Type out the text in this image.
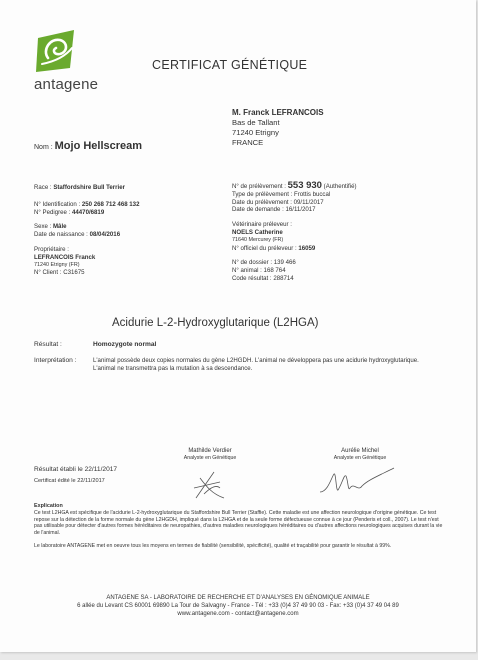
antagene
CERTIFICAT GÉNÉTIQUE
M. Franck LEFRANCOIS
Bas de Tallant
71240 Etrigny
FRANCE
Nom : Mojo Hellscream
Race : Staffordshire Bull Terrier
N° Identification : 250 268 712 468 132
N° Pedigree : 44470/6819
Sexe : Mâle
Date de naissance : 08/04/2016
Propriétaire :
LEFRANCOIS Franck
71240 Etrigny (FR)
N° Client : C31675
N° de prélèvement : 553 930 (Authentifié)
Type de prélèvement : Frottis buccal
Date du prélèvement : 09/11/2017
Date de demande : 16/11/2017
Vétérinaire préleveur :
NOELS Catherine
71640 Mercurey (FR)
N° officiel du préleveur : 16059
N° de dossier : 139 466
N° animal : 168 764
Code résultat : 288714
Acidurie L-2-Hydroxyglutarique (L2HGA)
Résultat :	Homozygote normal
Interprétation :	L'animal possède deux copies normales du gène L2HGDH. L'animal ne développera pas une acidurie hydroxyglutarique. L'animal ne transmettra pas la mutation à sa descendance.
Mathilde Verdier
Analyste en Génétique
Aurélie Michel
Analyste en Génétique
Résultat établi le 22/11/2017
Certificat édité le 22/11/2017
Explication
Ce test L2HGA est spécifique de l'acidurie L-2-hydroxyglutarique du Staffordshire Bull Terrier (Staffie). Cette maladie est une affection neurologique d'origine génétique. Ce test repose sur la détection de la forme normale du gène L2HGDH, impliqué dans la L2HGA et de la seule forme défectueuse connue à ce jour (Penderis et coll., 2007). Le test n'est pas utilisable pour détecter d'autres formes héréditaires de neuropathies, d'autres maladies neurologiques héréditaires ou d'autres affections neurologiques acquises durant la vie de l'animal.
Le laboratoire ANTAGENE met en oeuvre tous les moyens en termes de fiabilité (sensibilité, spécificité), qualité et traçabilité pour garantir le résultat à 99%.
ANTAGENE SA - LABORATOIRE DE RECHERCHE ET D'ANALYSES EN GÉNOMIQUE ANIMALE
6 allée du Levant CS 60001 69890 La Tour de Salvagny - France - Tél : +33 (0)4 37 49 90 03 - Fax: +33 (0)4 37 49 04 89
www.antagene.com - contact@antagene.com
